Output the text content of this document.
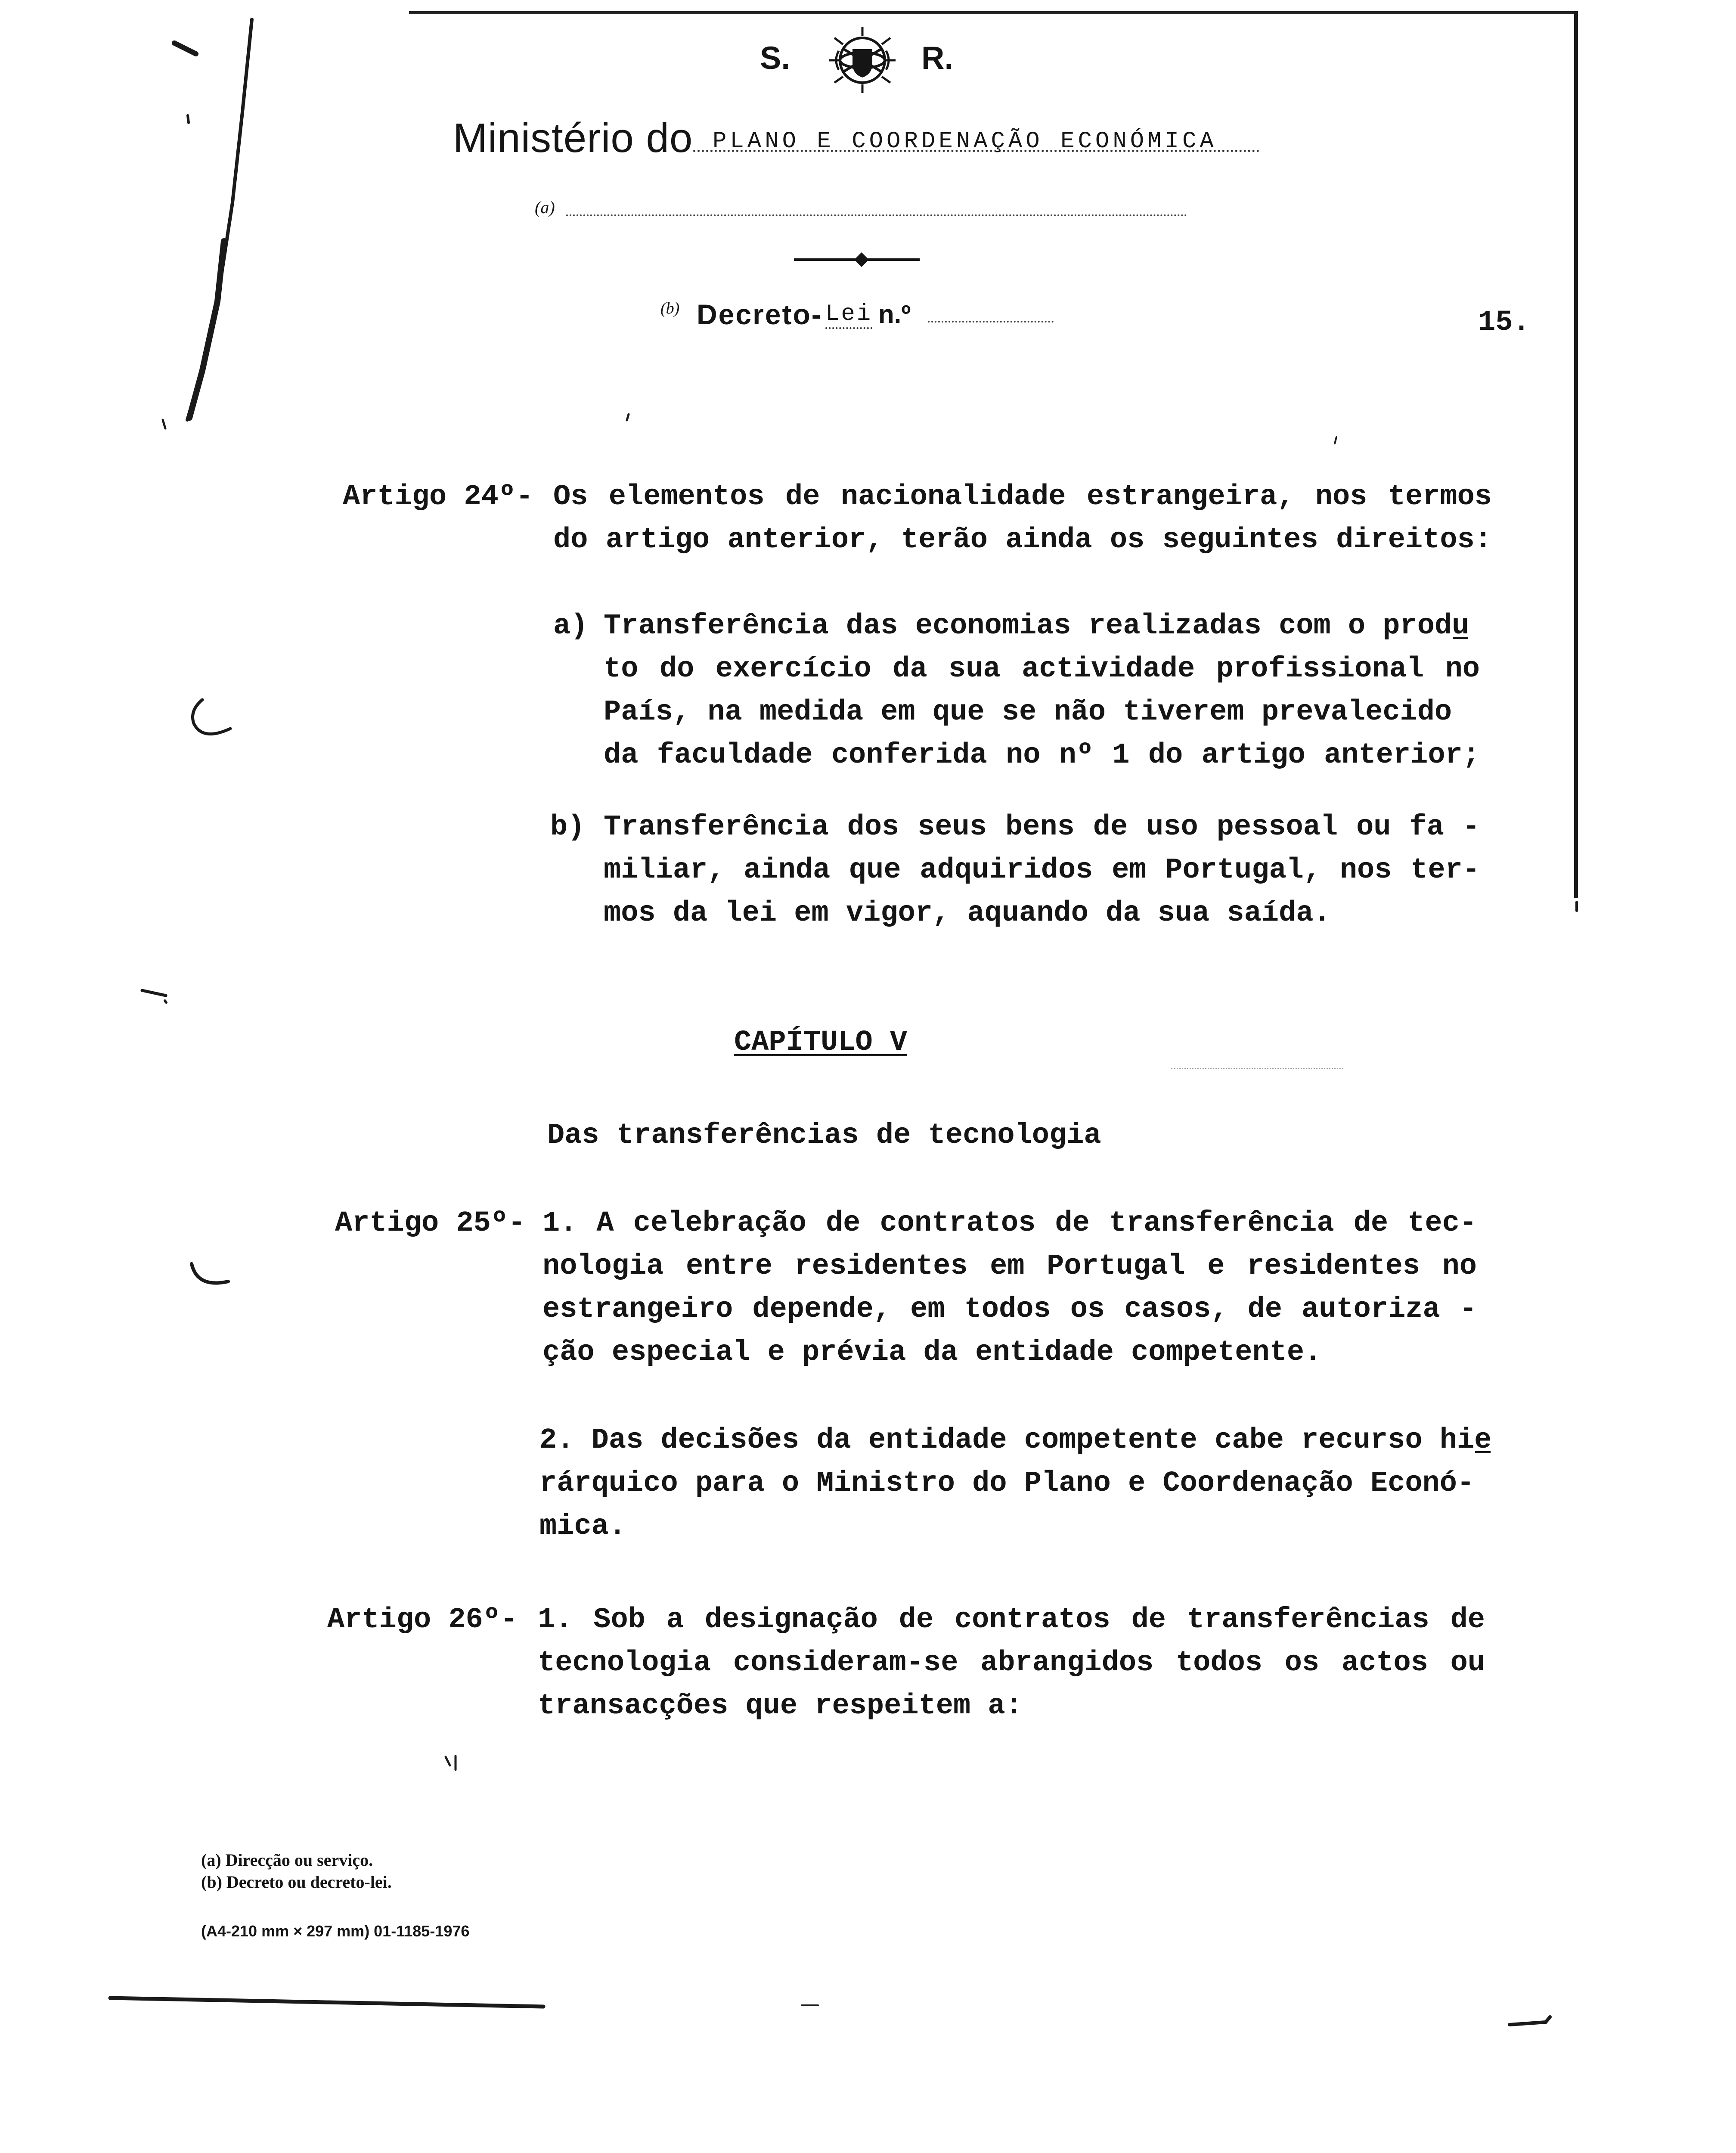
S.	R.
Ministério do PLANO E COORDENAÇÃO ECONÓMICA
(a)
(b) Decreto- Lei n.º	15.
Artigo 24º- Os elementos de nacionalidade estrangeira, nos termos
do artigo anterior, terão ainda os seguintes direitos:
a) Transferência das economias realizadas com o produ
to do exercício da sua actividade profissional no
País, na medida em que se não tiverem prevalecido
da faculdade conferida no nº 1 do artigo anterior;
b) Transferência dos seus bens de uso pessoal ou fa -
miliar, ainda que adquiridos em Portugal, nos ter-
mos da lei em vigor, aquando da sua saída.
CAPÍTULO V
Das transferências de tecnologia
Artigo 25º- 1. A celebração de contratos de transferência de tec-
nologia entre residentes em Portugal e residentes no
estrangeiro depende, em todos os casos, de autoriza -
ção especial e prévia da entidade competente.
2. Das decisões da entidade competente cabe recurso hie
rárquico para o Ministro do Plano e Coordenação Econó-
mica.
Artigo 26º- 1. Sob a designação de contratos de transferências de
tecnologia consideram-se abrangidos todos os actos ou
transacções que respeitem a:
(a) Direcção ou serviço.
(b) Decreto ou decreto-lei.
(A4-210 mm × 297 mm) 01-1185-1976
